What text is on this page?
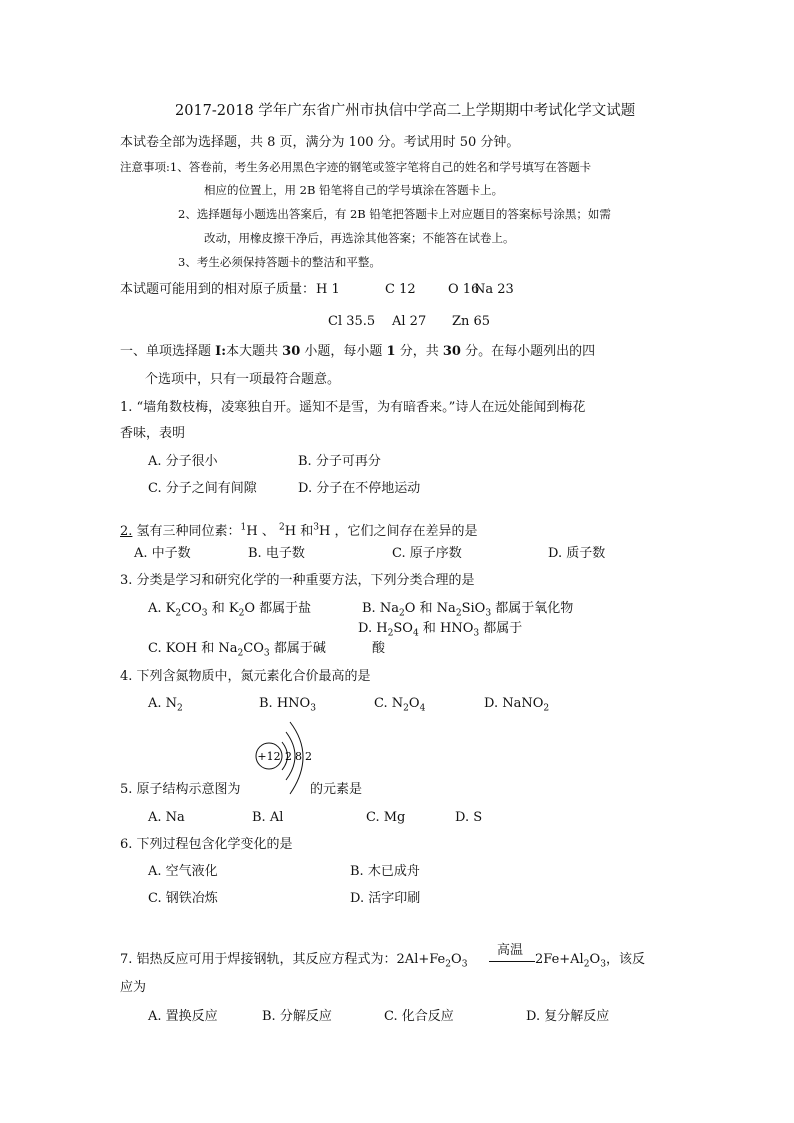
2017-2018 学年广东省广州市执信中学高二上学期期中考试化学文试题
本试卷全部为选择题，共 8 页，满分为 100 分。考试用时 50 分钟。
注意事项:1、答卷前，考生务必用黑色字迹的钢笔或签字笔将自己的姓名和学号填写在答题卡
相应的位置上，用 2B 铅笔将自己的学号填涂在答题卡上。
2、选择题每小题选出答案后，有 2B 铅笔把答题卡上对应题目的答案标号涂黑；如需
改动，用橡皮擦干净后，再选涂其他答案；不能答在试卷上。
3、考生必须保持答题卡的整洁和平整。
本试题可能用到的相对原子质量： H 1	C 12 O 16
Na 23
Cl 35.5 Al 27 Zn 65
一、单项选择题 I:本大题共 30 小题，每小题 1 分，共 30 分。在每小题列出的四
个选项中，只有一项最符合题意。
1. “墙角数枝梅，凌寒独自开。遥知不是雪，为有暗香来。”诗人在远处能闻到梅花
香味，表明
A. 分子很小	B. 分子可再分
C. 分子之间有间隙	D. 分子在不停地运动
2. 氢有三种同位素：$^1$H 、 $^2$H 和$^3$H ，它们之间存在差异的是
A. 中子数	B. 电子数	C. 原子序数	D. 质子数
3. 分类是学习和研究化学的一种重要方法，下列分类合理的是
A. $K_2CO_3$ 和 $K_2O$ 都属于盐	B. $Na_2O$ 和 $Na_2SiO_3$ 都属于氧化物
D. $H_2SO_4$ 和 $HNO_3$ 都属于
C. KOH 和 $Na_2CO_3$ 都属于碱	酸
4. 下列含氮物质中，氮元素化合价最高的是
A. $N_2$	B. $HNO_3$	C. $N_2O_4$	D. NaNO$_2$
+12 2 8 2
5. 原子结构示意图为	的元素是
A. Na	B. Al	C. Mg	D. S
6. 下列过程包含化学变化的是
A. 空气液化	B. 木已成舟
C. 钢铁冶炼	D. 活字印刷
7. 铝热反应可用于焊接钢轨，其反应方程式为：$2Al+Fe_2O_3$
高温
$2Fe+Al_2O_3$，该反
应为
A. 置换反应	B. 分解反应	C. 化合反应	D. 复分解反应
